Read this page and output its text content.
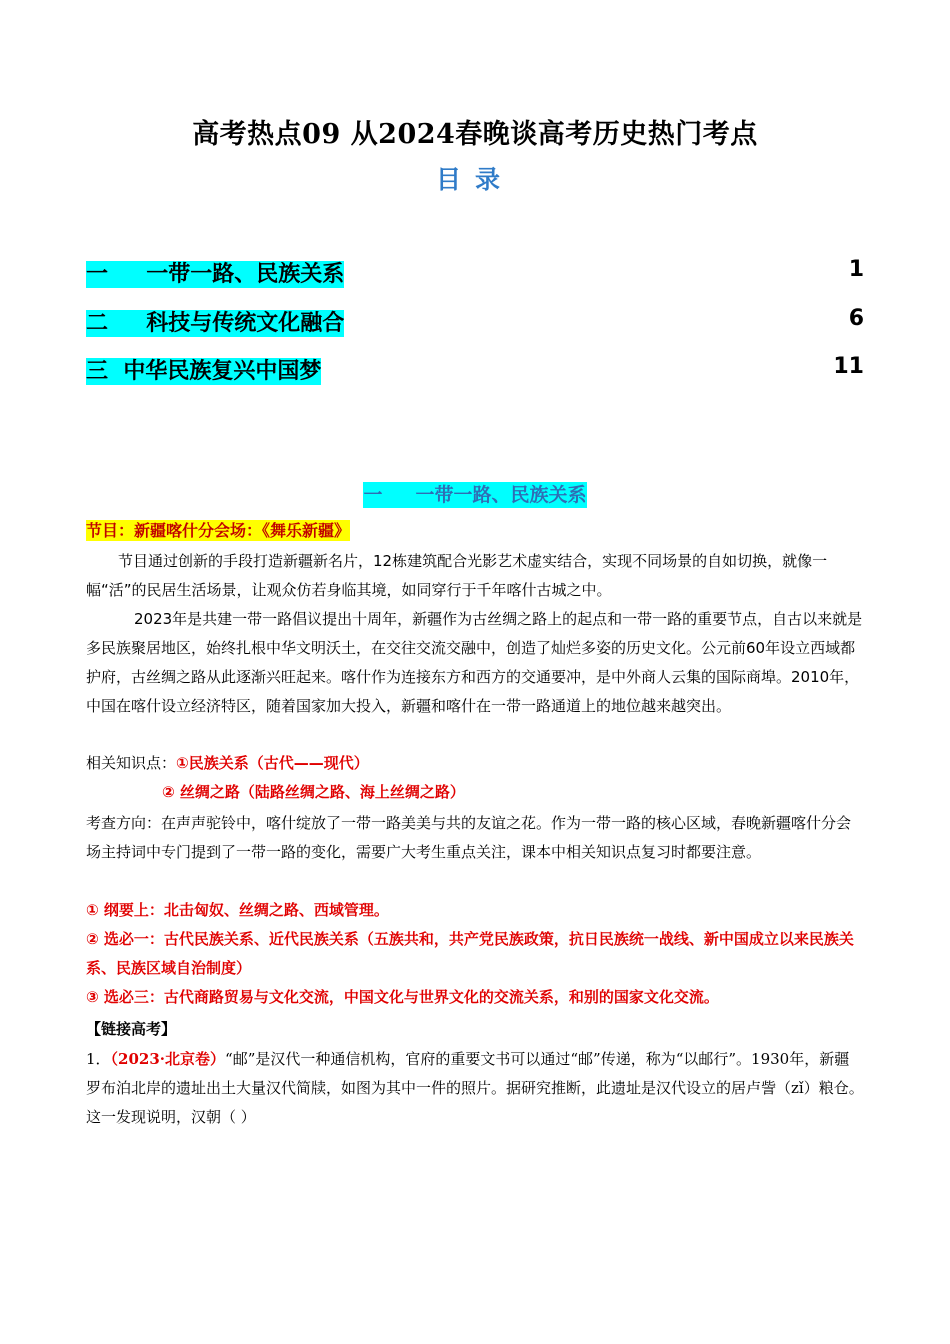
高考热点09 从2024春晚谈高考历史热门考点
目录
一     一带一路、民族关系	1
二     科技与传统文化融合	6
三  中华民族复兴中国梦	11
一     一带一路、民族关系
节目：新疆喀什分会场：《舞乐新疆》
节目通过创新的手段打造新疆新名片，12栋建筑配合光影艺术虚实结合，实现不同场景的自如切换，就像一幅“活”的民居生活场景，让观众仿若身临其境，如同穿行于千年喀什古城之中。
2023年是共建一带一路倡议提出十周年，新疆作为古丝绸之路上的起点和一带一路的重要节点，自古以来就是多民族聚居地区，始终扎根中华文明沃土，在交往交流交融中，创造了灿烂多姿的历史文化。公元前60年设立西域都护府，古丝绸之路从此逐渐兴旺起来。喀什作为连接东方和西方的交通要冲，是中外商人云集的国际商埠。2010年，中国在喀什设立经济特区，随着国家加大投入，新疆和喀什在一带一路通道上的地位越来越突出。
相关知识点：①民族关系（古代——现代）
② 丝绸之路（陆路丝绸之路、海上丝绸之路）
考查方向：在声声驼铃中，喀什绽放了一带一路美美与共的友谊之花。作为一带一路的核心区域，春晚新疆喀什分会场主持词中专门提到了一带一路的变化，需要广大考生重点关注，课本中相关知识点复习时都要注意。
① 纲要上：北击匈奴、丝绸之路、西域管理。
② 选必一：古代民族关系、近代民族关系（五族共和，共产党民族政策，抗日民族统一战线、新中国成立以来民族关系、民族区域自治制度）
③ 选必三：古代商路贸易与文化交流，中国文化与世界文化的交流关系，和别的国家文化交流。
【链接高考】
1．（2023·北京卷）“邮”是汉代一种通信机构，官府的重要文书可以通过“邮”传递，称为“以邮行”。1930年，新疆罗布泊北岸的遗址出土大量汉代简牍，如图为其中一件的照片。据研究推断，此遗址是汉代设立的居卢訾（zǐ）粮仓。这一发现说明，汉朝（ ）
